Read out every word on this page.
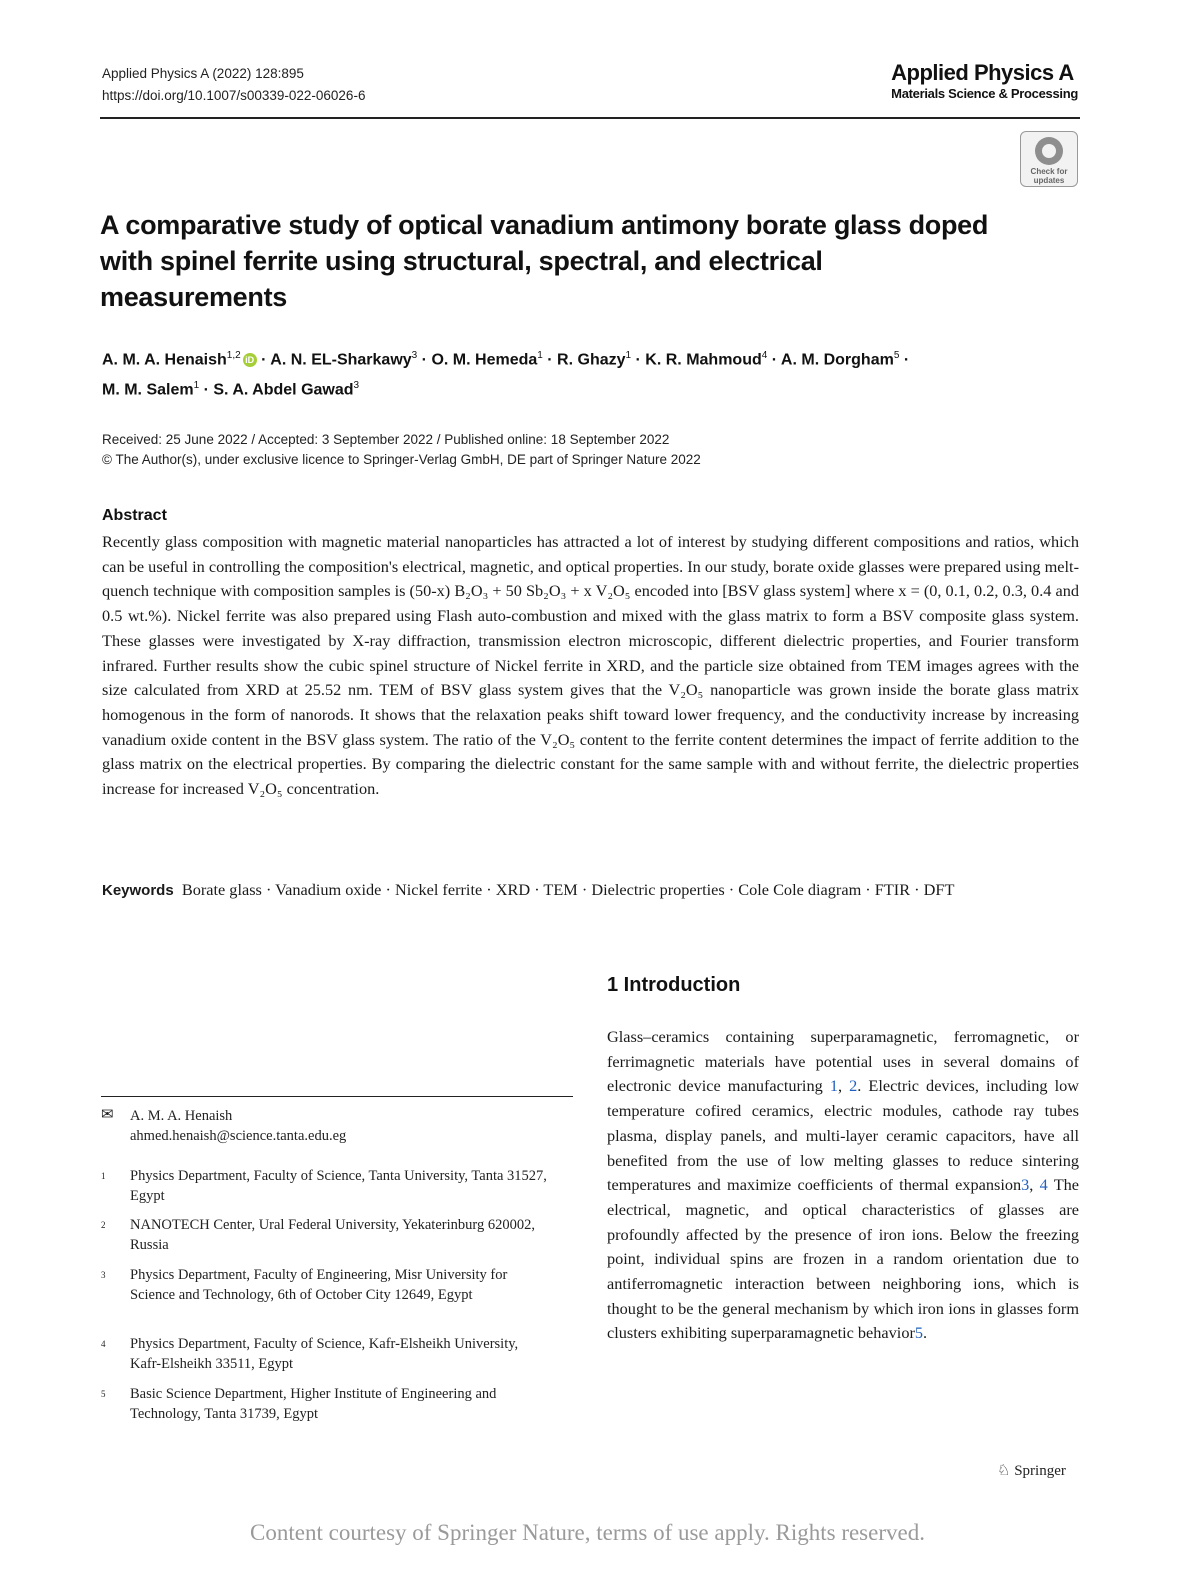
Applied Physics A (2022) 128:895
https://doi.org/10.1007/s00339-022-06026-6
Applied Physics A
Materials Science & Processing
Check for
updates
A comparative study of optical vanadium antimony borate glass doped with spinel ferrite using structural, spectral, and electrical measurements
A. M. A. Henaish$^{1,2}$ iD · A. N. EL-Sharkawy$^3$ · O. M. Hemeda$^1$ · R. Ghazy$^1$ · K. R. Mahmoud$^4$ · A. M. Dorgham$^5$ ·
M. M. Salem$^1$ · S. A. Abdel Gawad$^3$
Received: 25 June 2022 / Accepted: 3 September 2022 / Published online: 18 September 2022
© The Author(s), under exclusive licence to Springer-Verlag GmbH, DE part of Springer Nature 2022
Abstract
Recently glass composition with magnetic material nanoparticles has attracted a lot of interest by studying different compositions and ratios, which can be useful in controlling the composition's electrical, magnetic, and optical properties. In our study, borate oxide glasses were prepared using melt-quench technique with composition samples is (50-x) B₂O₃ + 50 Sb₂O₃ + x V₂O₅ encoded into [BSV glass system] where x = (0, 0.1, 0.2, 0.3, 0.4 and 0.5 wt.%). Nickel ferrite was also prepared using Flash auto-combustion and mixed with the glass matrix to form a BSV composite glass system. These glasses were investigated by X-ray diffraction, transmission electron microscopic, different dielectric properties, and Fourier transform infrared. Further results show the cubic spinel structure of Nickel ferrite in XRD, and the particle size obtained from TEM images agrees with the size calculated from XRD at 25.52 nm. TEM of BSV glass system gives that the V₂O₅ nanoparticle was grown inside the borate glass matrix homogenous in the form of nanorods. It shows that the relaxation peaks shift toward lower frequency, and the conductivity increase by increasing vanadium oxide content in the BSV glass system. The ratio of the V₂O₅ content to the ferrite content determines the impact of ferrite addition to the glass matrix on the electrical properties. By comparing the dielectric constant for the same sample with and without ferrite, the dielectric properties increase for increased V₂O₅ concentration.
Keywords Borate glass · Vanadium oxide · Nickel ferrite · XRD · TEM · Dielectric properties · Cole Cole diagram · FTIR · DFT
1 Introduction
Glass–ceramics containing superparamagnetic, ferromagnetic, or ferrimagnetic materials have potential uses in several domains of electronic device manufacturing 1, 2. Electric devices, including low temperature cofired ceramics, electric modules, cathode ray tubes plasma, display panels, and multi-layer ceramic capacitors, have all benefited from the use of low melting glasses to reduce sintering temperatures and maximize coefficients of thermal expansion3, 4 The electrical, magnetic, and optical characteristics of glasses are profoundly affected by the presence of iron ions. Below the freezing point, individual spins are frozen in a random orientation due to antiferromagnetic interaction between neighboring ions, which is thought to be the general mechanism by which iron ions in glasses form clusters exhibiting superparamagnetic behavior5.
✉ A. M. A. Henaish
ahmed.henaish@science.tanta.edu.eg
1 Physics Department, Faculty of Science, Tanta University, Tanta 31527, Egypt
2 NANOTECH Center, Ural Federal University, Yekaterinburg 620002, Russia
3 Physics Department, Faculty of Engineering, Misr University for Science and Technology, 6th of October City 12649, Egypt
4 Physics Department, Faculty of Science, Kafr-Elsheikh University, Kafr-Elsheikh 33511, Egypt
5 Basic Science Department, Higher Institute of Engineering and Technology, Tanta 31739, Egypt
♘ Springer
Content courtesy of Springer Nature, terms of use apply. Rights reserved.
